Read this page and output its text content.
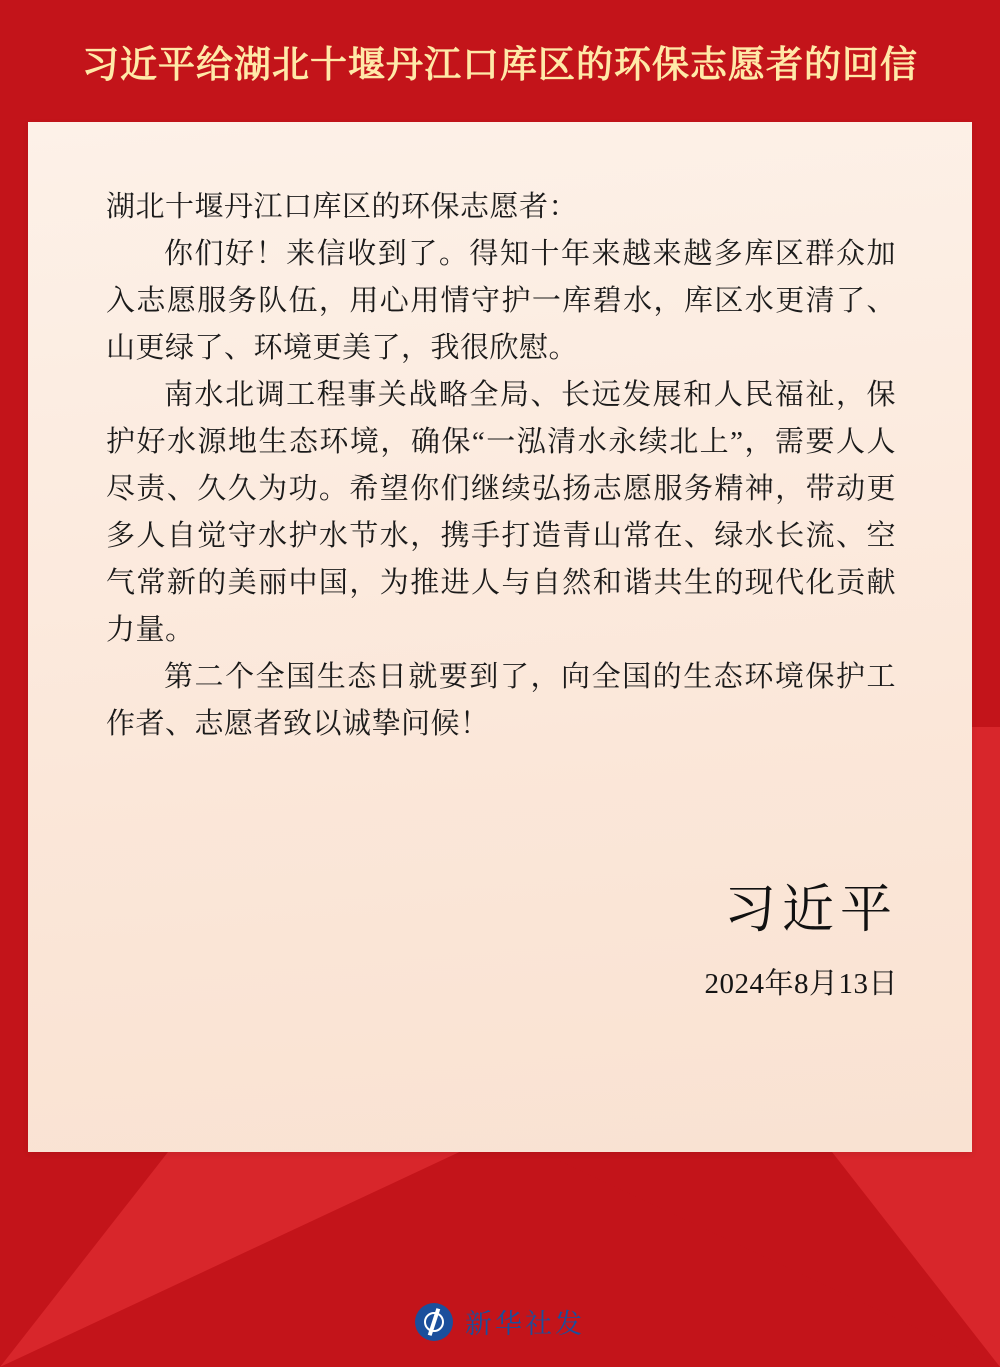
习近平给湖北十堰丹江口库区的环保志愿者的回信
湖北十堰丹江口库区的环保志愿者：

你们好！来信收到了。得知十年来越来越多库区群众加入志愿服务队伍，用心用情守护一库碧水，库区水更清了、山更绿了、环境更美了，我很欣慰。

南水北调工程事关战略全局、长远发展和人民福祉，保护好水源地生态环境，确保“一泓清水永续北上”，需要人人尽责、久久为功。希望你们继续弘扬志愿服务精神，带动更多人自觉守水护水节水，携手打造青山常在、绿水长流、空气常新的美丽中国，为推进人与自然和谐共生的现代化贡献力量。

第二个全国生态日就要到了，向全国的生态环境保护工作者、志愿者致以诚挚问候！

习近平
2024年8月13日
新华社发
